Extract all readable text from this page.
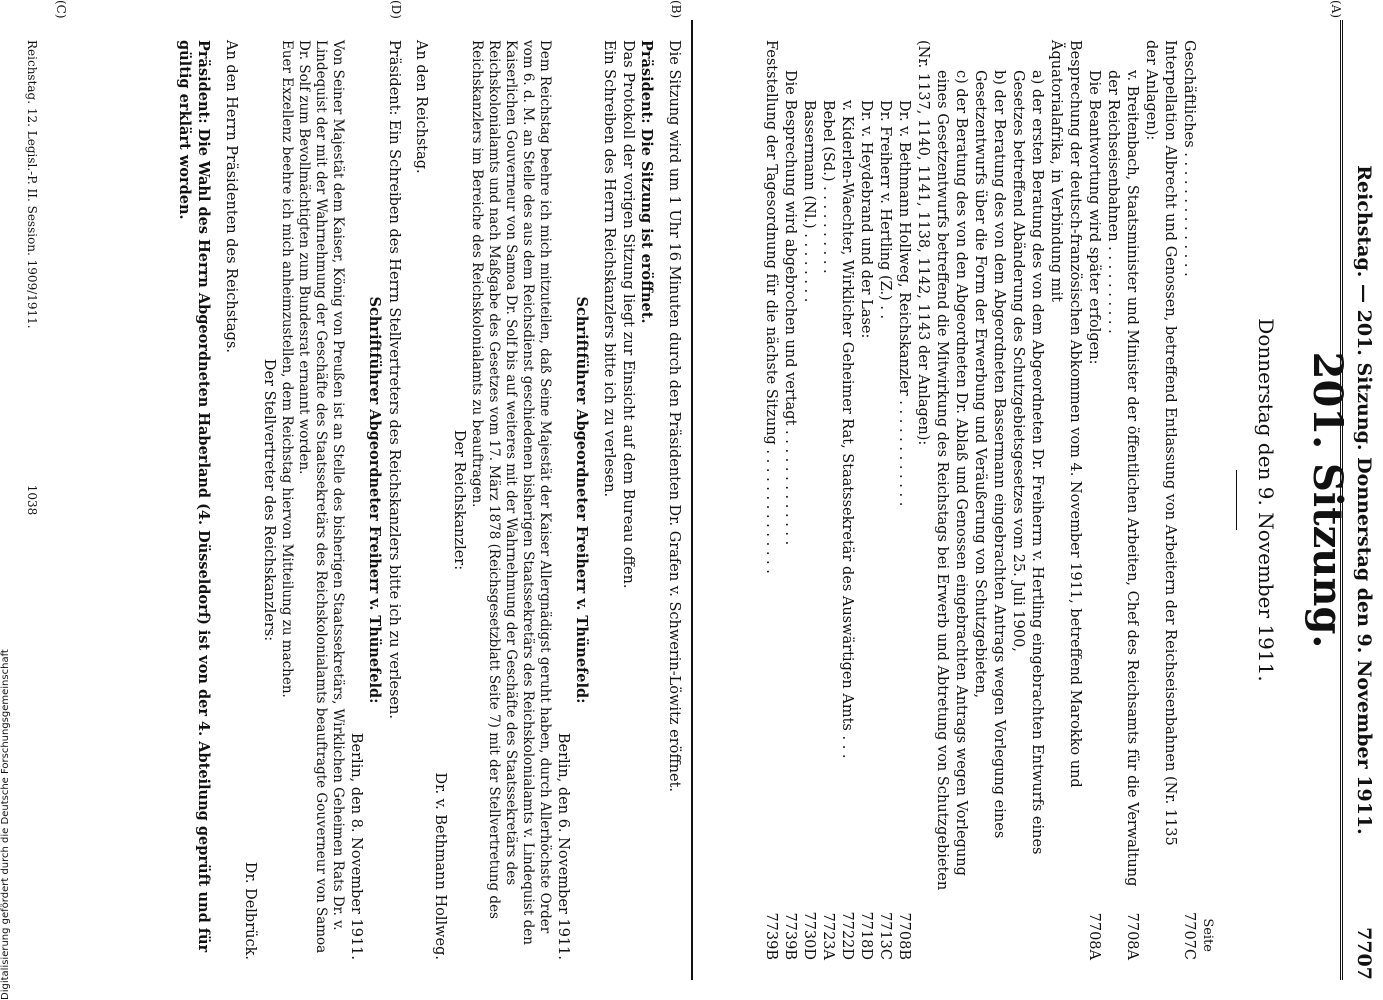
Reichstag. — 201. Sitzung. Donnerstag den 9. November 1911.
7707
(A)
(B)
(C)	(D)
201. Sitzung.
Donnerstag den 9. November 1911.
Seite
Geschäftliches . . . . . . . . . . . . . .
7707C
Interpellation Albrecht und Genossen, betreffend Entlassung von Arbeitern der Reichseisenbahnen (Nr. 1135 der Anlagen):
v. Breitenbach, Staatsminister und Minister der öffentlichen Arbeiten, Chef des Reichsamts für die Verwaltung der Reichseisenbahnen . . . . . . . . . .
7708A
Die Beantwortung wird später erfolgen:
7708A
Besprechung der deutsch-französischen Abkommen vom 4. November 1911, betreffend Marokko und Äquatorialafrika, in Verbindung mit
a) der ersten Beratung des von dem Abgeordneten Dr. Freiherrn v. Hertling eingebrachten Entwurfs eines Gesetzes betreffend Abänderung des Schutzgebietsgesetzes vom 25. Juli 1900,
b) der Beratung des von dem Abgeordneten Bassermann eingebrachten Antrags wegen Vorlegung eines Gesetzentwurfs über die Form der Erwerbung und Veräußerung von Schutzgebieten,
c) der Beratung des von den Abgeordneten Dr. Ablaß und Genossen eingebrachten Antrags wegen Vorlegung eines Gesetzentwurfs betreffend die Mitwirkung des Reichstags bei Erwerb und Abtretung von Schutzgebieten
(Nr. 1137, 1140, 1141, 1138, 1142, 1143 der Anlagen):
Dr. v. Bethmann Hollweg, Reichskanzler . . . . . . . . . . . .
7708B
Dr. Freiherr v. Hertling (Z.) . .
7713C
Dr. v. Heydebrand und der Lase:
7718D
v. Kiderlen-Waechter, Wirklicher Geheimer Rat, Staatssekretär des Auswärtigen Amts . . .
7722D
Bebel (Sd.) . . . . . . . . . .
7723A
Bassermann (Nl.) . . . . . . . .
7730D
Die Besprechung wird abgebrochen und vertagt . . . . . . . . . . . . .
7739B
Feststellung der Tagesordnung für die nächste Sitzung . . . . . . . . . . . . . .
7739B
Die Sitzung wird um 1 Uhr 16 Minuten durch den Präsidenten Dr. Grafen v. Schwerin-Löwitz eröffnet.
Präsident: Die Sitzung ist eröffnet.
Das Protokoll der vorigen Sitzung liegt zur Einsicht auf dem Bureau offen.
Ein Schreiben des Herrn Reichskanzlers bitte ich zu verlesen.
Schriftführer Abgeordneter Freiherr v. Thünefeld:
Berlin, den 6. November 1911.
Dem Reichstag beehre ich mich mitzuteilen, daß Seine Majestät der Kaiser Allergnädigst geruht haben, durch Allerhöchste Order vom 6. d. M. an Stelle des aus dem Reichsdienst geschiedenen bisherigen Staatssekretärs des Reichskolonialamts v. Lindequist den Kaiserlichen Gouverneur von Samoa Dr. Solf bis auf weiteres mit der Wahrnehmung der Geschäfte des Staatssekretärs des Reichskolonialamts und nach Maßgabe des Gesetzes vom 17. März 1878 (Reichsgesetzblatt Seite 7) mit der Stellvertretung des Reichskanzlers im Bereiche des Reichskolonialamts zu beauftragen.
Der Reichskanzler:
Dr. v. Bethmann Hollweg.
An den Reichstag.
Präsident: Ein Schreiben des Herrn Stellvertreters des Reichskanzlers bitte ich zu verlesen.
Schriftführer Abgeordneter Freiherr v. Thünefeld:
Berlin, den 8. November 1911.
Von Seiner Majestät dem Kaiser, König von Preußen ist an Stelle des bisherigen Staatssekretärs, Wirklichen Geheimen Rats Dr. v. Lindequist der mit der Wahrnehmung der Geschäfte des Staatssekretärs des Reichskolonialamts beauftragte Gouverneur von Samoa Dr. Solf zum Bevollmächtigten zum Bundesrat ernannt worden.
Euer Exzellenz beehre ich mich anheimzustellen, dem Reichstag hiervon Mitteilung zu machen.
Der Stellvertreter des Reichskanzlers:
Dr. Delbrück.
An den Herrn Präsidenten des Reichstags.
Präsident: Die Wahl des Herrn Abgeordneten Haberland (4. Düsseldorf) ist von der 4. Abteilung geprüft und für gültig erklärt worden.
Reichstag. 12. Legisl.-P. II. Session. 1909/1911.
1038
Digitalisierung gefördert durch die Deutsche Forschungsgemeinschaft
